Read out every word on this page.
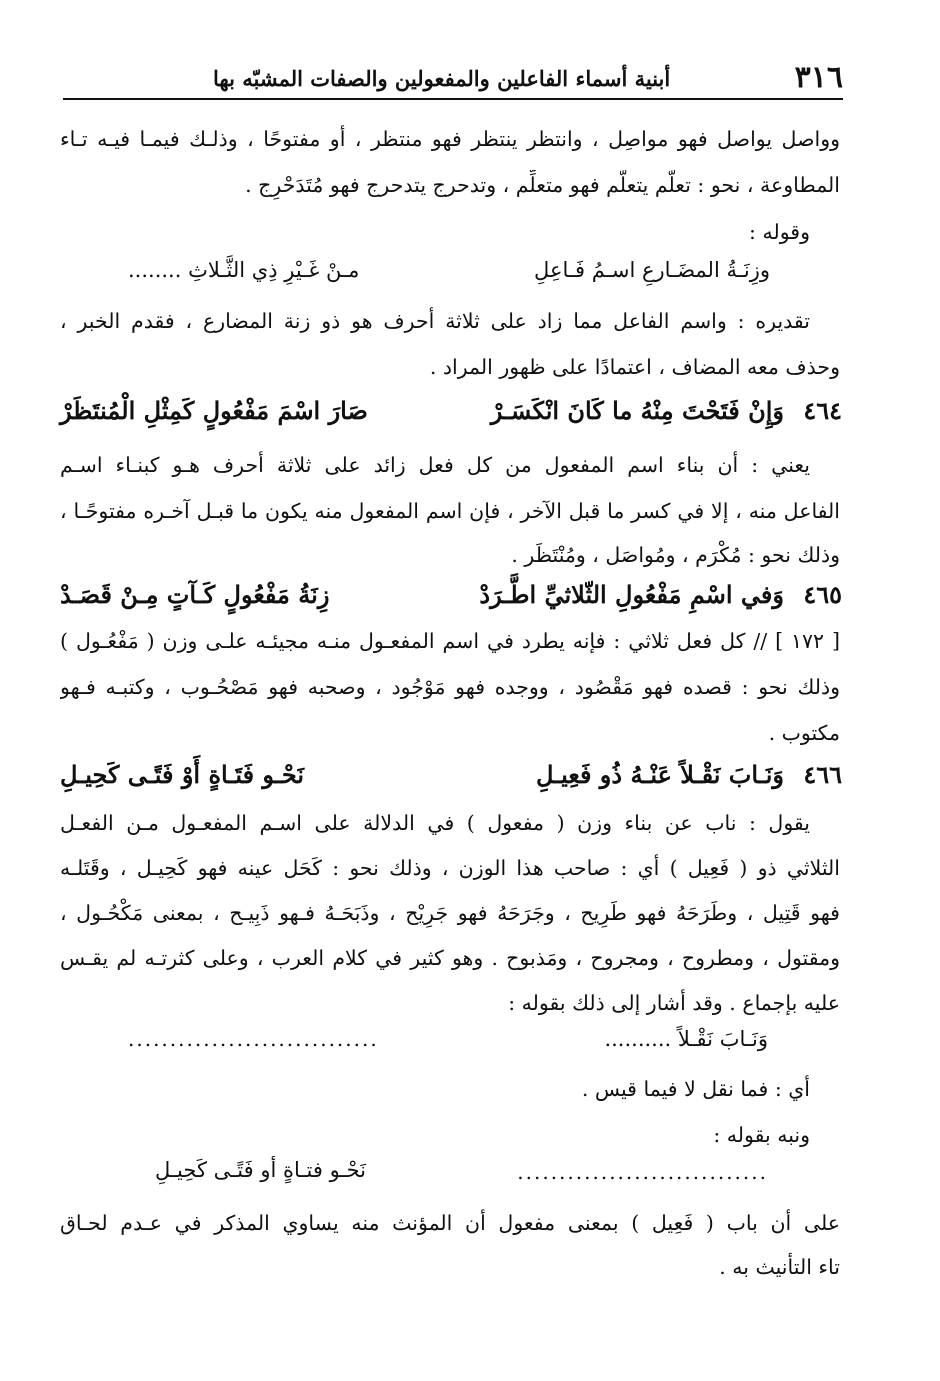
٣١٦
أبنية أسماء الفاعلين والمفعولين والصفات المشبّه بها
وواصل يواصل فهو مواصِل ، وانتظر ينتظر فهو منتظر ، أو مفتوحًا ، وذلـك فيمـا فيـه تـاء
المطاوعة ، نحو : تعلّم يتعلّم فهو متعلِّم ، وتدحرج يتدحرج فهو مُتَدَحْرِج .
وقوله :
وزِنَـةُ المضَـارعِ اسـمُ فَـاعِلِ
مـنْ غَـيْرِ ذِي الثَّـلاثِ ........
تقديره : واسم الفاعل مما زاد على ثلاثة أحرف هو ذو زنة المضارع ، فقدم الخبر ،
وحذف معه المضاف ، اعتمادًا على ظهور المراد .
٤٦٤
وَإِنْ فَتَحْتَ مِنْهُ ما كَانَ انْكَسَـرْ
صَارَ اسْمَ مَفْعُولٍ كَمِثْلِ الْمُنتَظَرْ
يعني : أن بناء اسم المفعول من كل فعل زائد على ثلاثة أحرف هـو كبنـاء اسـم
الفاعل منه ، إلا في كسر ما قبل الآخر ، فإن اسم المفعول منه يكون ما قبـل آخـره مفتوحًـا ،
وذلك نحو : مُكْرَم ، ومُواصَل ، ومُنْتَظَر .
٤٦٥
وَفي اسْمِ مَفْعُولِ الثّلاثيِّ اطَّـرَدْ
زِنَةُ مَفْعُولٍ كَـآتٍ مِـنْ قَصَـدْ
[ ١٧٢ ] // كل فعل ثلاثي : فإنه يطرد في اسم المفعـول منـه مجيئـه علـى وزن ( مَفْعُـول )
وذلك نحو : قصده فهو مَقْصُود ، ووجده فهو مَوْجُود ، وصحبه فهو مَصْحُـوب ، وكتبـه فـهو
مكتوب .
٤٦٦
وَنَـابَ نَقْـلاً عَنْـهُ ذُو فَعِيـلِ
نَحْـو فَتَـاةٍ أَوْ فَتًـى كَحِيـلِ
يقول : ناب عن بناء وزن ( مفعول ) في الدلالة على اسـم المفعـول مـن الفعـل
الثلاثي ذو ( فَعِيل ) أي : صاحب هذا الوزن ، وذلك نحو : كَحَل عينه فهو كَحِيـل ، وقَتَلـه
فهو قَتِيل ، وطَرَحَهُ فهو طَرِيح ، وجَرَحَهُ فهو جَرِيْح ، وذَبَحَـهُ فـهو ذَبِيـح ، بمعنى مَكْحُـول ،
ومقتول ، ومطروح ، ومجروح ، ومَذبوح . وهو كثير في كلام العرب ، وعلى كثرتـه لم يقـس
عليه بإجماع . وقد أشار إلى ذلك بقوله :
وَنَـابَ نَقْـلاً ..........
..............................
أي : فما نقل لا فيما قيس .
ونبه بقوله :
..............................
نَحْـو فتـاةٍ أو فَتًـى كَحِيـلِ
على أن باب ( فَعِيل ) بمعنى مفعول أن المؤنث منه يساوي المذكر في عـدم لحـاق
تاء التأنيث به .
